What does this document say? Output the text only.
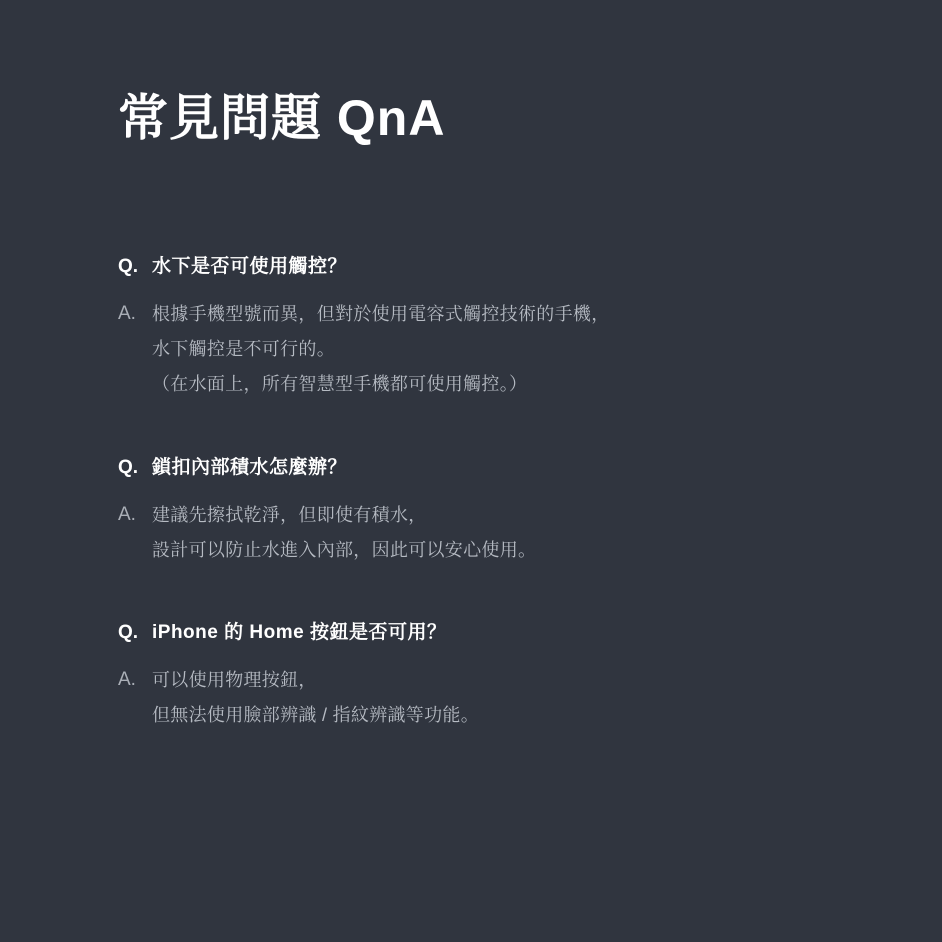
常見問題 QnA
Q. 水下是否可使用觸控？
A. 根據手機型號而異，但對於使用電容式觸控技術的手機，
水下觸控是不可行的。
（在水面上，所有智慧型手機都可使用觸控。）
Q. 鎖扣內部積水怎麼辦？
A. 建議先擦拭乾淨，但即使有積水，
設計可以防止水進入內部，因此可以安心使用。
Q. iPhone 的 Home 按鈕是否可用？
A. 可以使用物理按鈕，
但無法使用臉部辨識 / 指紋辨識等功能。
